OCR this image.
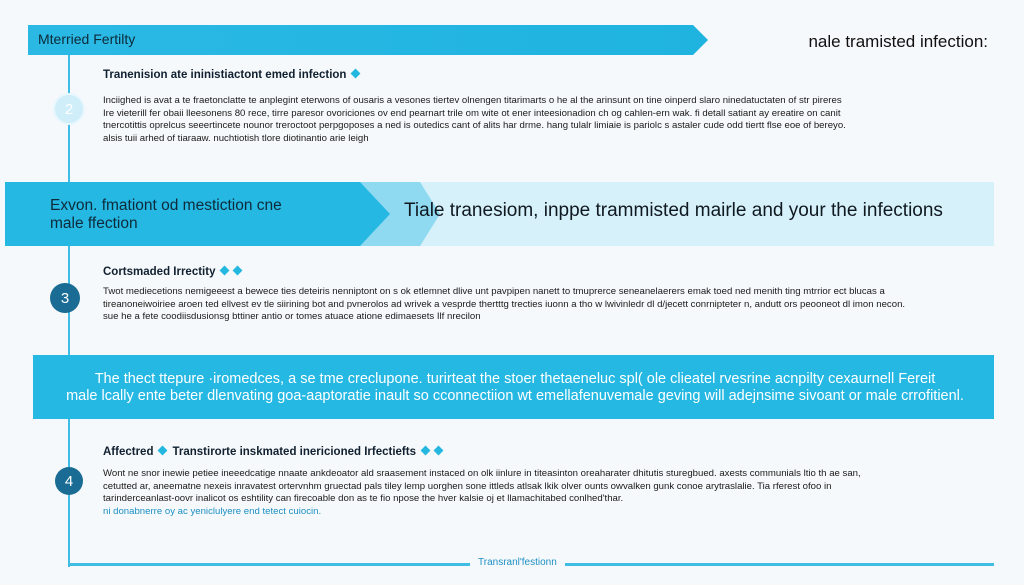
Mterried Fertilty	nale tramisted infection:
2
Tranenision ate ininistiactont emed infection

Inciighed is avat a te fraetonclatte te anplegint eterwons of ousaris a vesones tiertev olnengen titarimarts o he al the arinsunt on tine oinperd slaro ninedatuctaten of str pireres

Ire vieterill fer obaii lleesonens 80 rece, tirre paresor ovoriciones ov end pearnart trile om wite ot ener inteesionadion ch og cahlen-ern wak. fi detall satiant ay ereatire on canit

tnercotittis oprelcus seeertincete nounor treroctoot perpgoposes a ned is outedics cant of alits har drme. hang tulalr limiaie is pariolc s astaler cude odd tiertt flse eoe of bereyo.

alsis tuii arhed of tiaraaw. nuchtiotish tlore diotinantio arie leigh

Exvon. fmationt od mestiction cne
male ffection
Tiale tranesiom, inppe trammisted mairle and your the infections
3
Cortsmaded Irrectity

Twot mediecetions nemigeeest a bewece ties deteiris nenniptont on s ok etlemnet dlive unt pavpipen nanett to tmuprerce seneanelaerers emak toed ned menith ting mtrrior ect blucas a

tireanoneiwoiriee aroen ted ellvest ev tle siirining bot and pvnerolos ad wrivek a vesprde thertttg trecties iuonn a tho w lwivinledr dl d/jecett conrnipteter n, andutt ors peooneot dl imon necon.

sue he a fete coodiisdusionsg bttiner antio or tomes atuace atione edimaesets Ilf nrecilon

The thect ttepure ·iromedces, a se tme creclupone. turirteat the stoer thetaeneluc spl( ole clieatel rvesrine acnpilty cexaurnell Fereit
male lcally ente beter dlenvating goa-aaptoratie inault so cconnectiion wt emellafenuvemale geving will adejnsime sivoant or male crrofitienl.
4
Affectred Transtirorte inskmated inericioned Irfectiefts

Wont ne snor inewie petiee ineeedcatige nnaate ankdeoator ald sraasement instaced on olk iinlure in titeasinton oreaharater dhitutis sturegbued. axests communials ltio th ae san,

cetutted ar, aneematne nexeis inravatest ortervnhm gruectad pals tiley lemp uorghen sone ittleds atlsak lkik olver ounts owvalken gunk conoe arytraslalie. Tia rferest ofoo in

tarinderceanlast-oovr inalicot os eshtility can firecoable don as te fio npose the hver kalsie oj et llamachitabed conlhed'thar.

ni donabnerre oy ac yeniclulyere end tetect cuiocin.

Transranl'festionn
